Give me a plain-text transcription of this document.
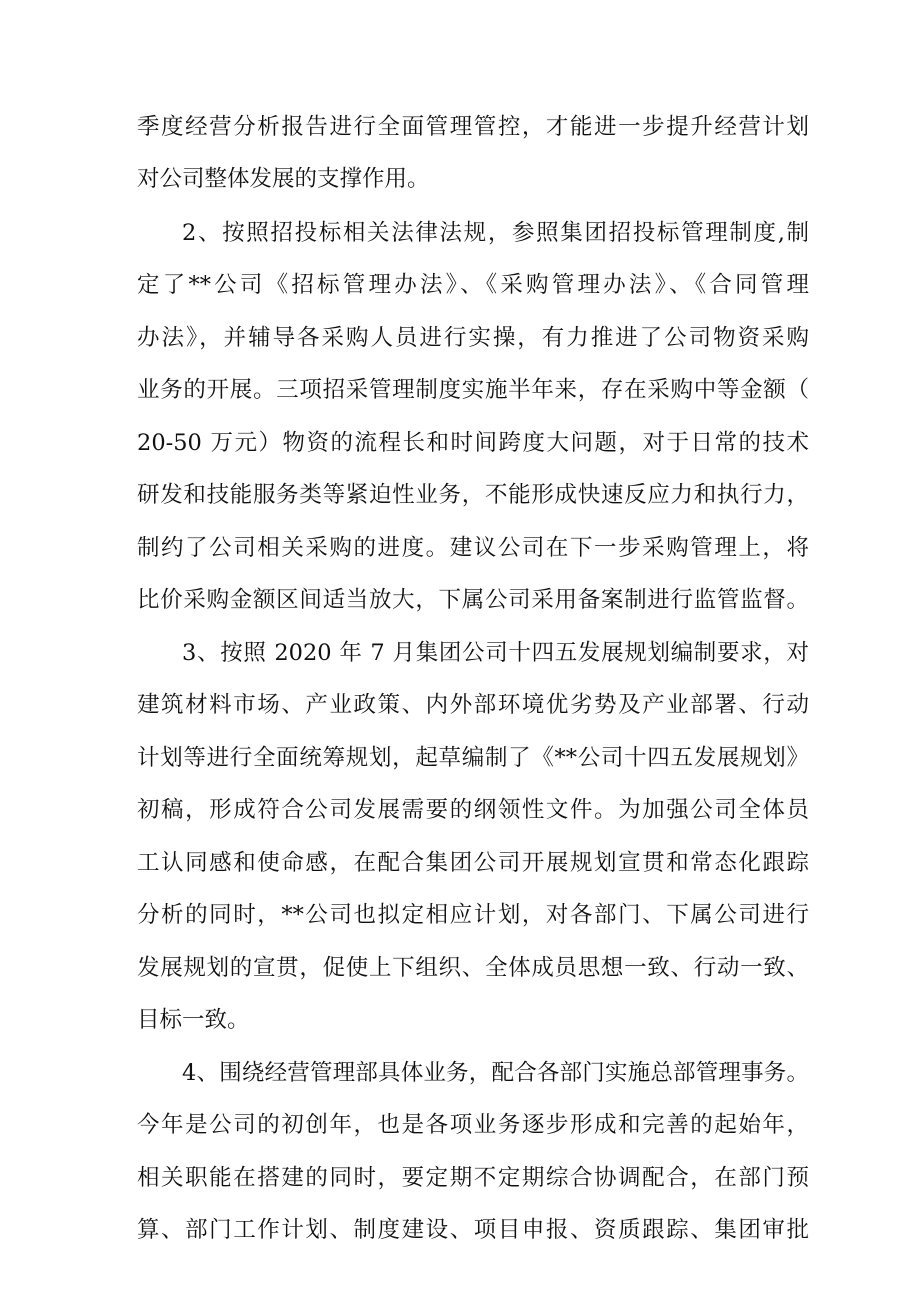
季度经营分析报告进行全面管理管控，才能进一步提升经营计划
对公司整体发展的支撑作用。
2、按照招投标相关法律法规，参照集团招投标管理制度,制
定了**公司《招标管理办法》、《采购管理办法》、《合同管理
办法》，并辅导各采购人员进行实操，有力推进了公司物资采购
业务的开展。三项招采管理制度实施半年来，存在采购中等金额（
20-50 万元）物资的流程长和时间跨度大问题，对于日常的技术
研发和技能服务类等紧迫性业务，不能形成快速反应力和执行力，
制约了公司相关采购的进度。建议公司在下一步采购管理上，将
比价采购金额区间适当放大，下属公司采用备案制进行监管监督。
3、按照 2020 年 7 月集团公司十四五发展规划编制要求，对
建筑材料市场、产业政策、内外部环境优劣势及产业部署、行动
计划等进行全面统筹规划，起草编制了《**公司十四五发展规划》
初稿，形成符合公司发展需要的纲领性文件。为加强公司全体员
工认同感和使命感，在配合集团公司开展规划宣贯和常态化跟踪
分析的同时，**公司也拟定相应计划，对各部门、下属公司进行
发展规划的宣贯，促使上下组织、全体成员思想一致、行动一致、
目标一致。
4、围绕经营管理部具体业务，配合各部门实施总部管理事务。
今年是公司的初创年，也是各项业务逐步形成和完善的起始年，
相关职能在搭建的同时，要定期不定期综合协调配合，在部门预
算、部门工作计划、制度建设、项目申报、资质跟踪、集团审批
